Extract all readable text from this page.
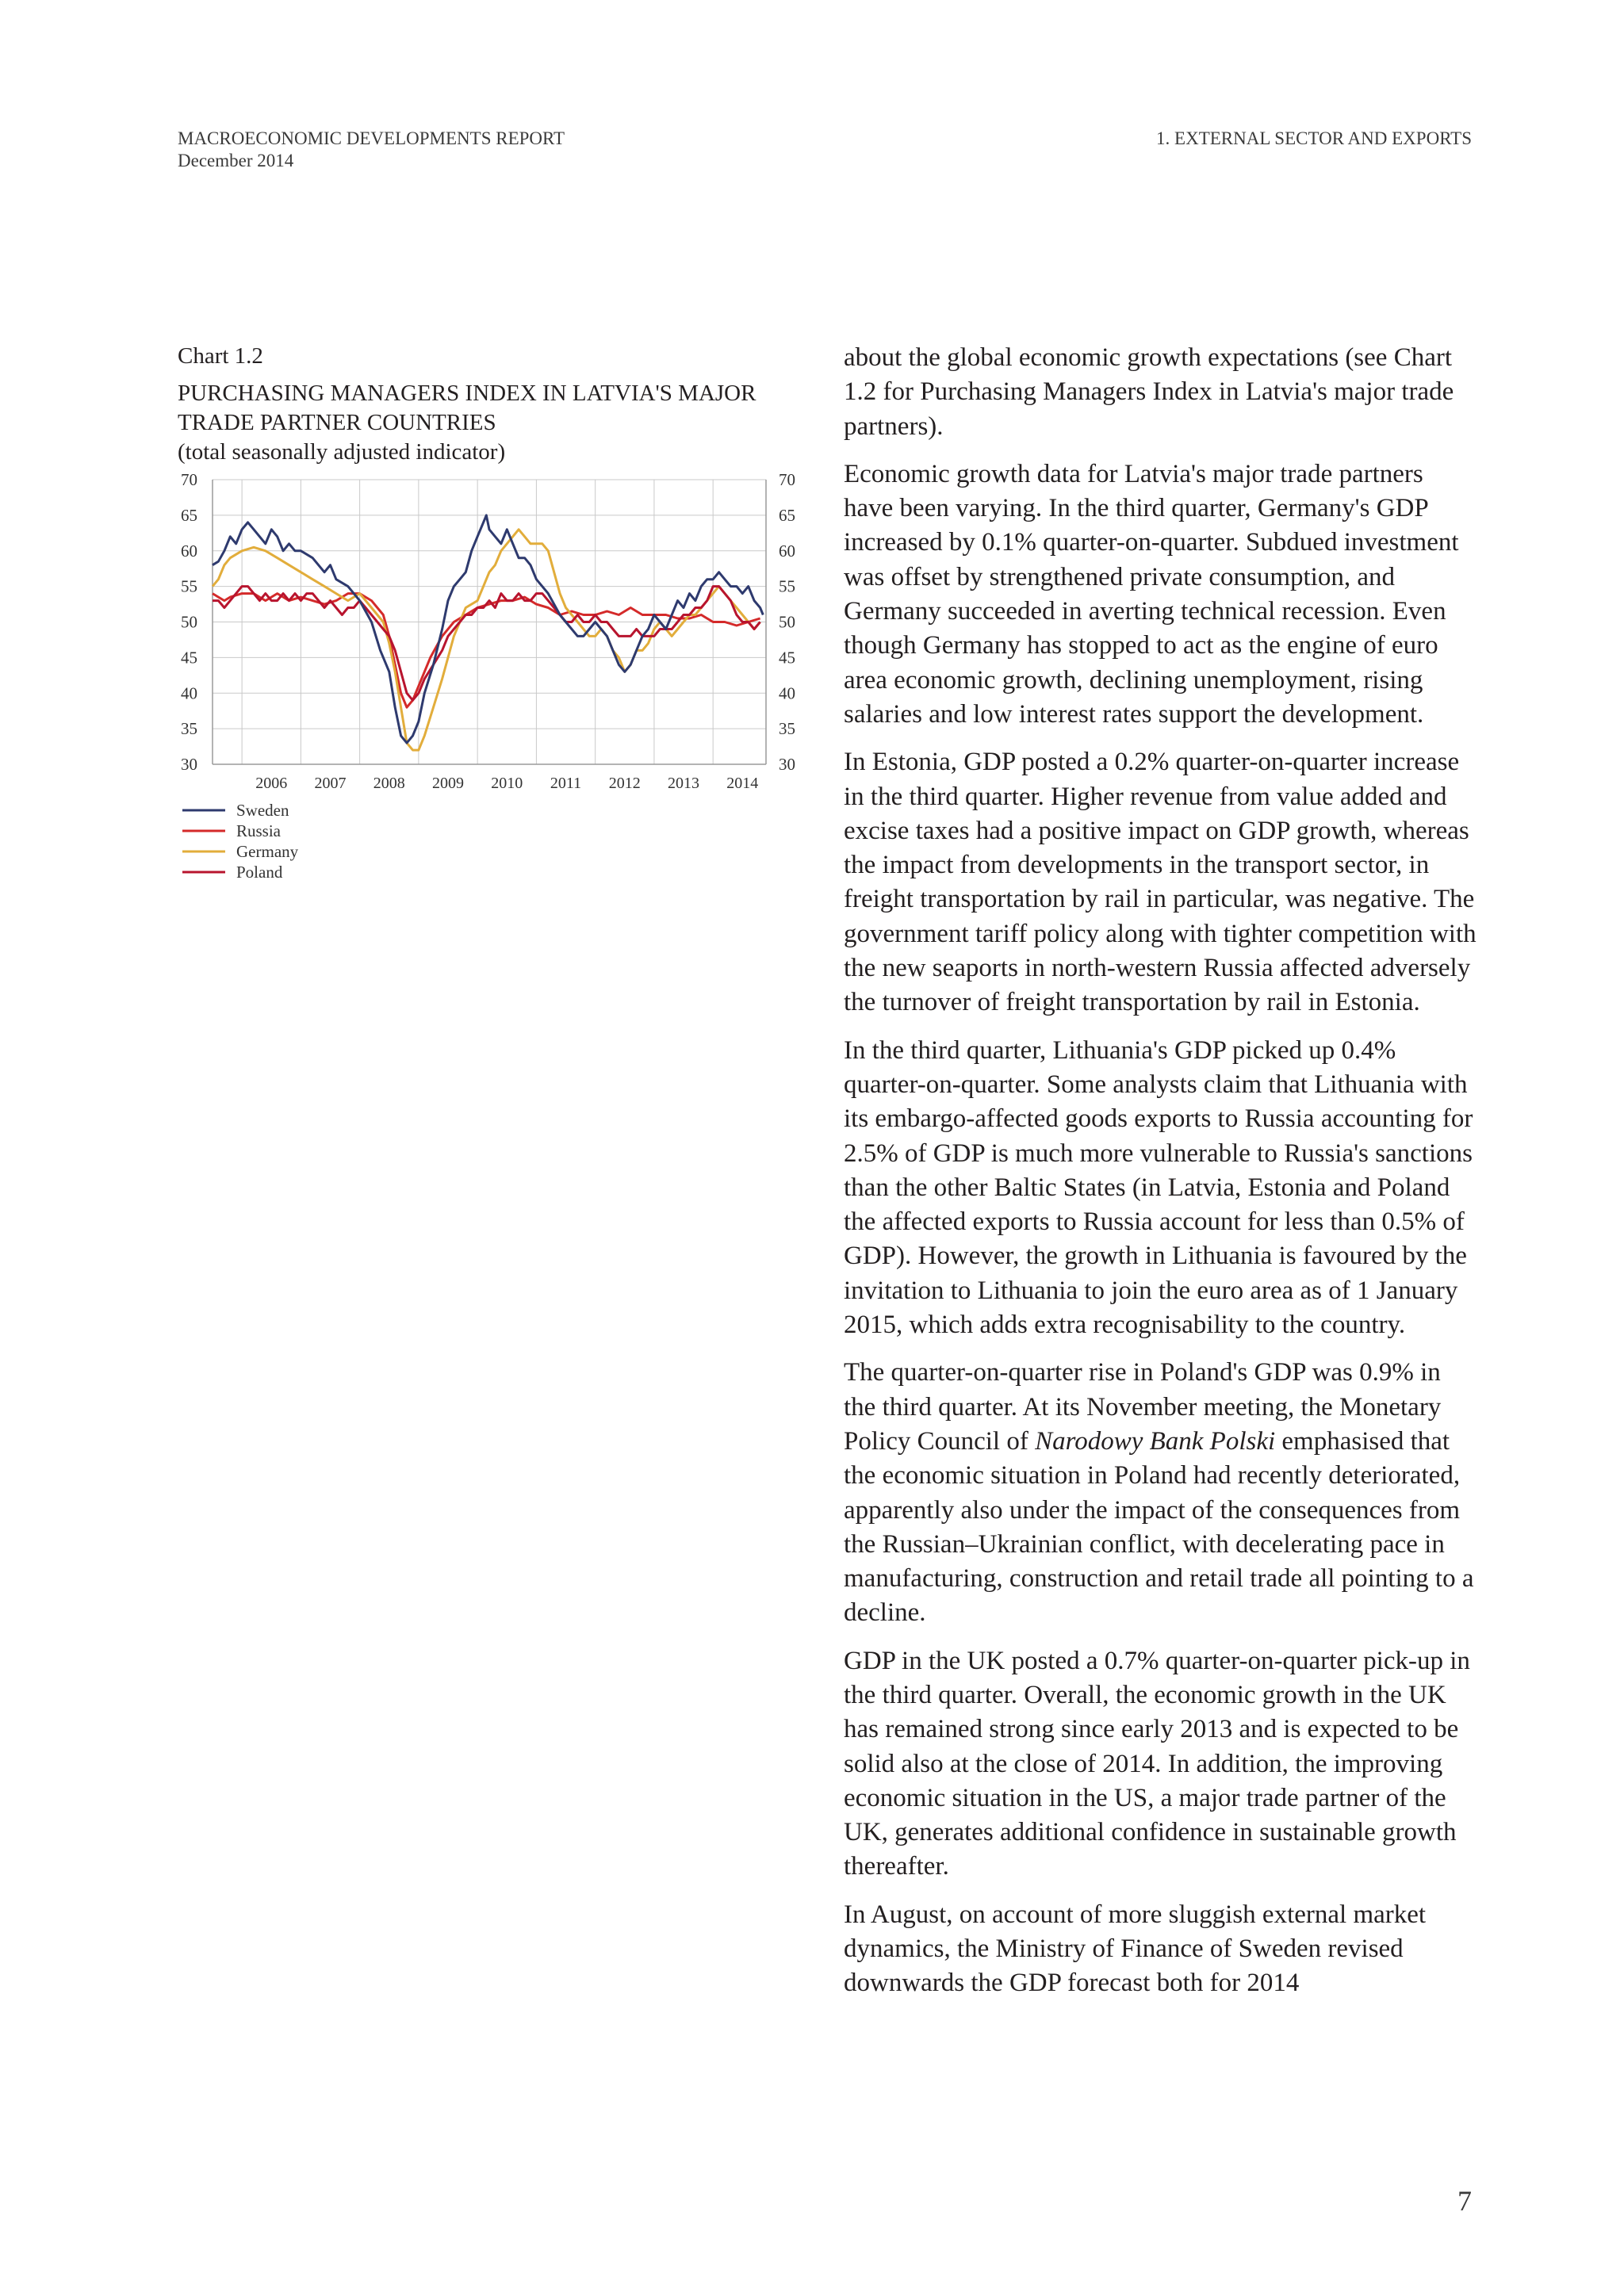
MACROECONOMIC DEVELOPMENTS REPORT
December 2014
1. EXTERNAL SECTOR AND EXPORTS
Chart 1.2
PURCHASING MANAGERS INDEX IN LATVIA'S MAJOR
TRADE PARTNER COUNTRIES
(total seasonally adjusted indicator)
70	70
65	65
60	60
55	55
50	50
45	45
40	40
35	35
30	30
2006 2007 2008 2009 2010 2011 2012 2013 2014
Sweden
Russia
Germany
Poland

about the global economic growth expectations (see Chart 1.2 for Purchasing Managers Index in Latvia's major trade partners).

Economic growth data for Latvia's major trade partners have been varying. In the third quarter, Germany's GDP increased by 0.1% quarter-on-quarter. Subdued investment was offset by strengthened private consumption, and Germany succeeded in averting technical recession. Even though Germany has stopped to act as the engine of euro area economic growth, declining unemployment, rising salaries and low interest rates support the development.

In Estonia, GDP posted a 0.2% quarter-on-quarter increase in the third quarter. Higher revenue from value added and excise taxes had a positive impact on GDP growth, whereas the impact from developments in the transport sector, in freight transportation by rail in particular, was negative. The government tariff policy along with tighter competition with the new seaports in north-western Russia affected adversely the turnover of freight transportation by rail in Estonia.

In the third quarter, Lithuania's GDP picked up 0.4% quarter-on-quarter. Some analysts claim that Lithuania with its embargo-affected goods exports to Russia accounting for 2.5% of GDP is much more vulnerable to Russia's sanctions than the other Baltic States (in Latvia, Estonia and Poland the affected exports to Russia account for less than 0.5% of GDP). However, the growth in Lithuania is favoured by the invitation to Lithuania to join the euro area as of 1 January 2015, which adds extra recognisability to the country.

The quarter-on-quarter rise in Poland's GDP was 0.9% in the third quarter. At its November meeting, the Monetary Policy Council of Narodowy Bank Polski emphasised that the economic situation in Poland had recently deteriorated, apparently also under the impact of the consequences from the Russian–Ukrainian conflict, with decelerating pace in manufacturing, construction and retail trade all pointing to a decline.

GDP in the UK posted a 0.7% quarter-on-quarter pick-up in the third quarter. Overall, the economic growth in the UK has remained strong since early 2013 and is expected to be solid also at the close of 2014. In addition, the improving economic situation in the US, a major trade partner of the UK, generates additional confidence in sustainable growth thereafter.

In August, on account of more sluggish external market dynamics, the Ministry of Finance of Sweden revised downwards the GDP forecast both for 2014

7
